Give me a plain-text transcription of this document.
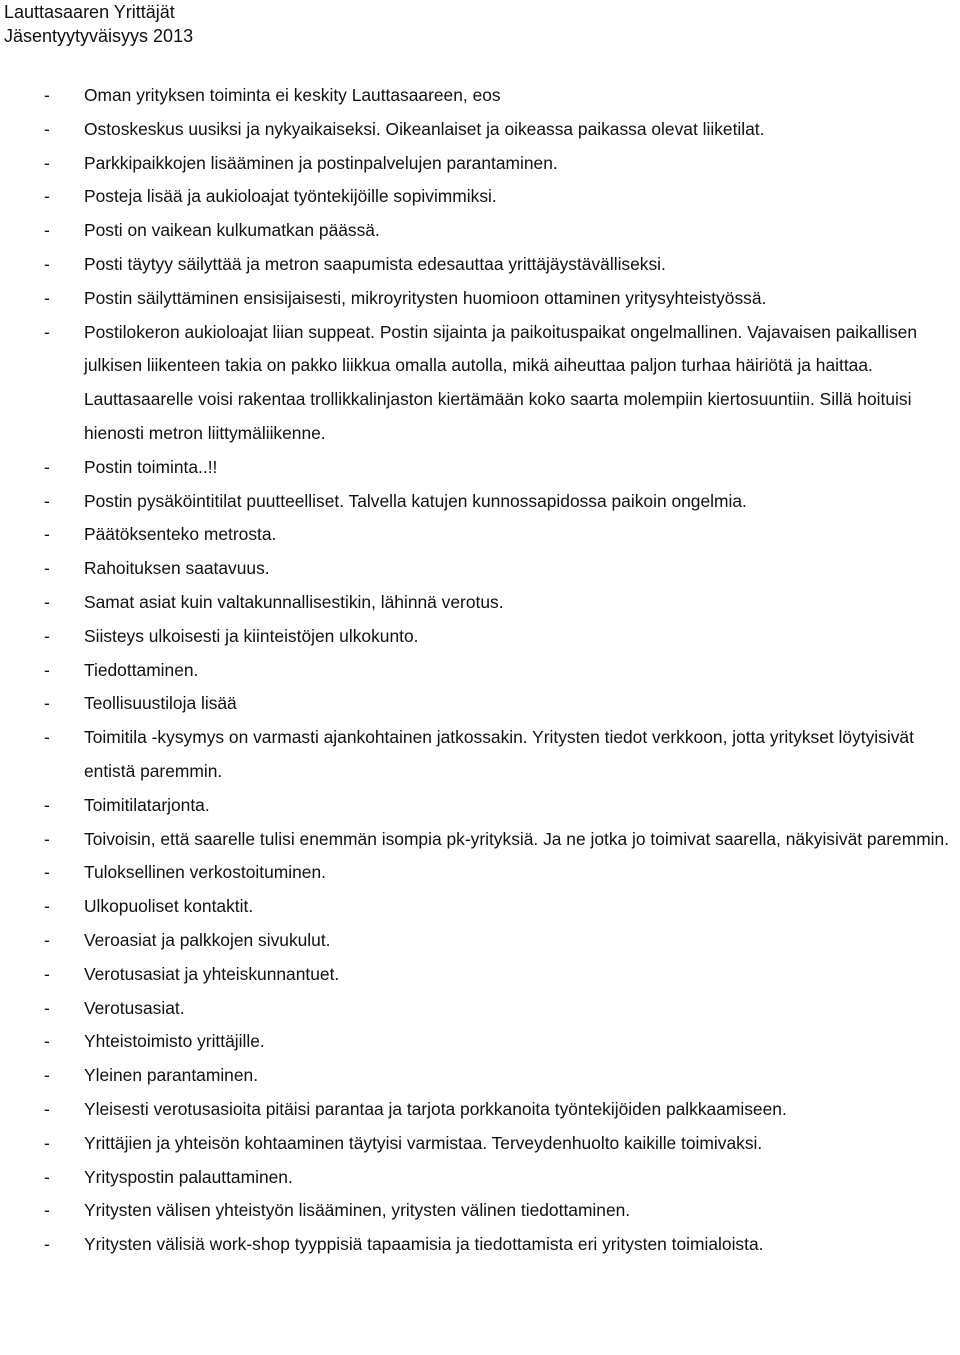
Lauttasaaren Yrittäjät
Jäsentyytyväisyys 2013
- Oman yrityksen toiminta ei keskity Lauttasaareen, eos
- Ostoskeskus uusiksi ja nykyaikaiseksi. Oikeanlaiset ja oikeassa paikassa olevat liiketilat.
- Parkkipaikkojen lisääminen ja postinpalvelujen parantaminen.
- Posteja lisää ja aukioloajat työntekijöille sopivimmiksi.
- Posti on vaikean kulkumatkan päässä.
- Posti täytyy säilyttää ja metron saapumista edesauttaa yrittäjäystävälliseksi.
- Postin säilyttäminen ensisijaisesti, mikroyritysten huomioon ottaminen yritysyhteistyössä.
- Postilokeron aukioloajat liian suppeat. Postin sijainta ja paikoituspaikat ongelmallinen. Vajavaisen paikallisen julkisen liikenteen takia on pakko liikkua omalla autolla, mikä aiheuttaa paljon turhaa häiriötä ja haittaa. Lauttasaarelle voisi rakentaa trollikkalinjaston kiertämään koko saarta molempiin kiertosuuntiin. Sillä hoituisi hienosti metron liittymäliikenne.
- Postin toiminta..!!
- Postin pysäköintitilat puutteelliset. Talvella katujen kunnossapidossa paikoin ongelmia.
- Päätöksenteko metrosta.
- Rahoituksen saatavuus.
- Samat asiat kuin valtakunnallisestikin, lähinnä verotus.
- Siisteys ulkoisesti ja kiinteistöjen ulkokunto.
- Tiedottaminen.
- Teollisuustiloja lisää
- Toimitila -kysymys on varmasti ajankohtainen jatkossakin. Yritysten tiedot verkkoon, jotta yritykset löytyisivät entistä paremmin.
- Toimitilatarjonta.
- Toivoisin, että saarelle tulisi enemmän isompia pk-yrityksiä. Ja ne jotka jo toimivat saarella, näkyisivät paremmin.
- Tuloksellinen verkostoituminen.
- Ulkopuoliset kontaktit.
- Veroasiat ja palkkojen sivukulut.
- Verotusasiat ja yhteiskunnantuet.
- Verotusasiat.
- Yhteistoimisto yrittäjille.
- Yleinen parantaminen.
- Yleisesti verotusasioita pitäisi parantaa ja tarjota porkkanoita työntekijöiden palkkaamiseen.
- Yrittäjien ja yhteisön kohtaaminen täytyisi varmistaa. Terveydenhuolto kaikille toimivaksi.
- Yrityspostin palauttaminen.
- Yritysten välisen yhteistyön lisääminen, yritysten välinen tiedottaminen.
- Yritysten välisiä work-shop tyyppisiä tapaamisia ja tiedottamista eri yritysten toimialoista.
